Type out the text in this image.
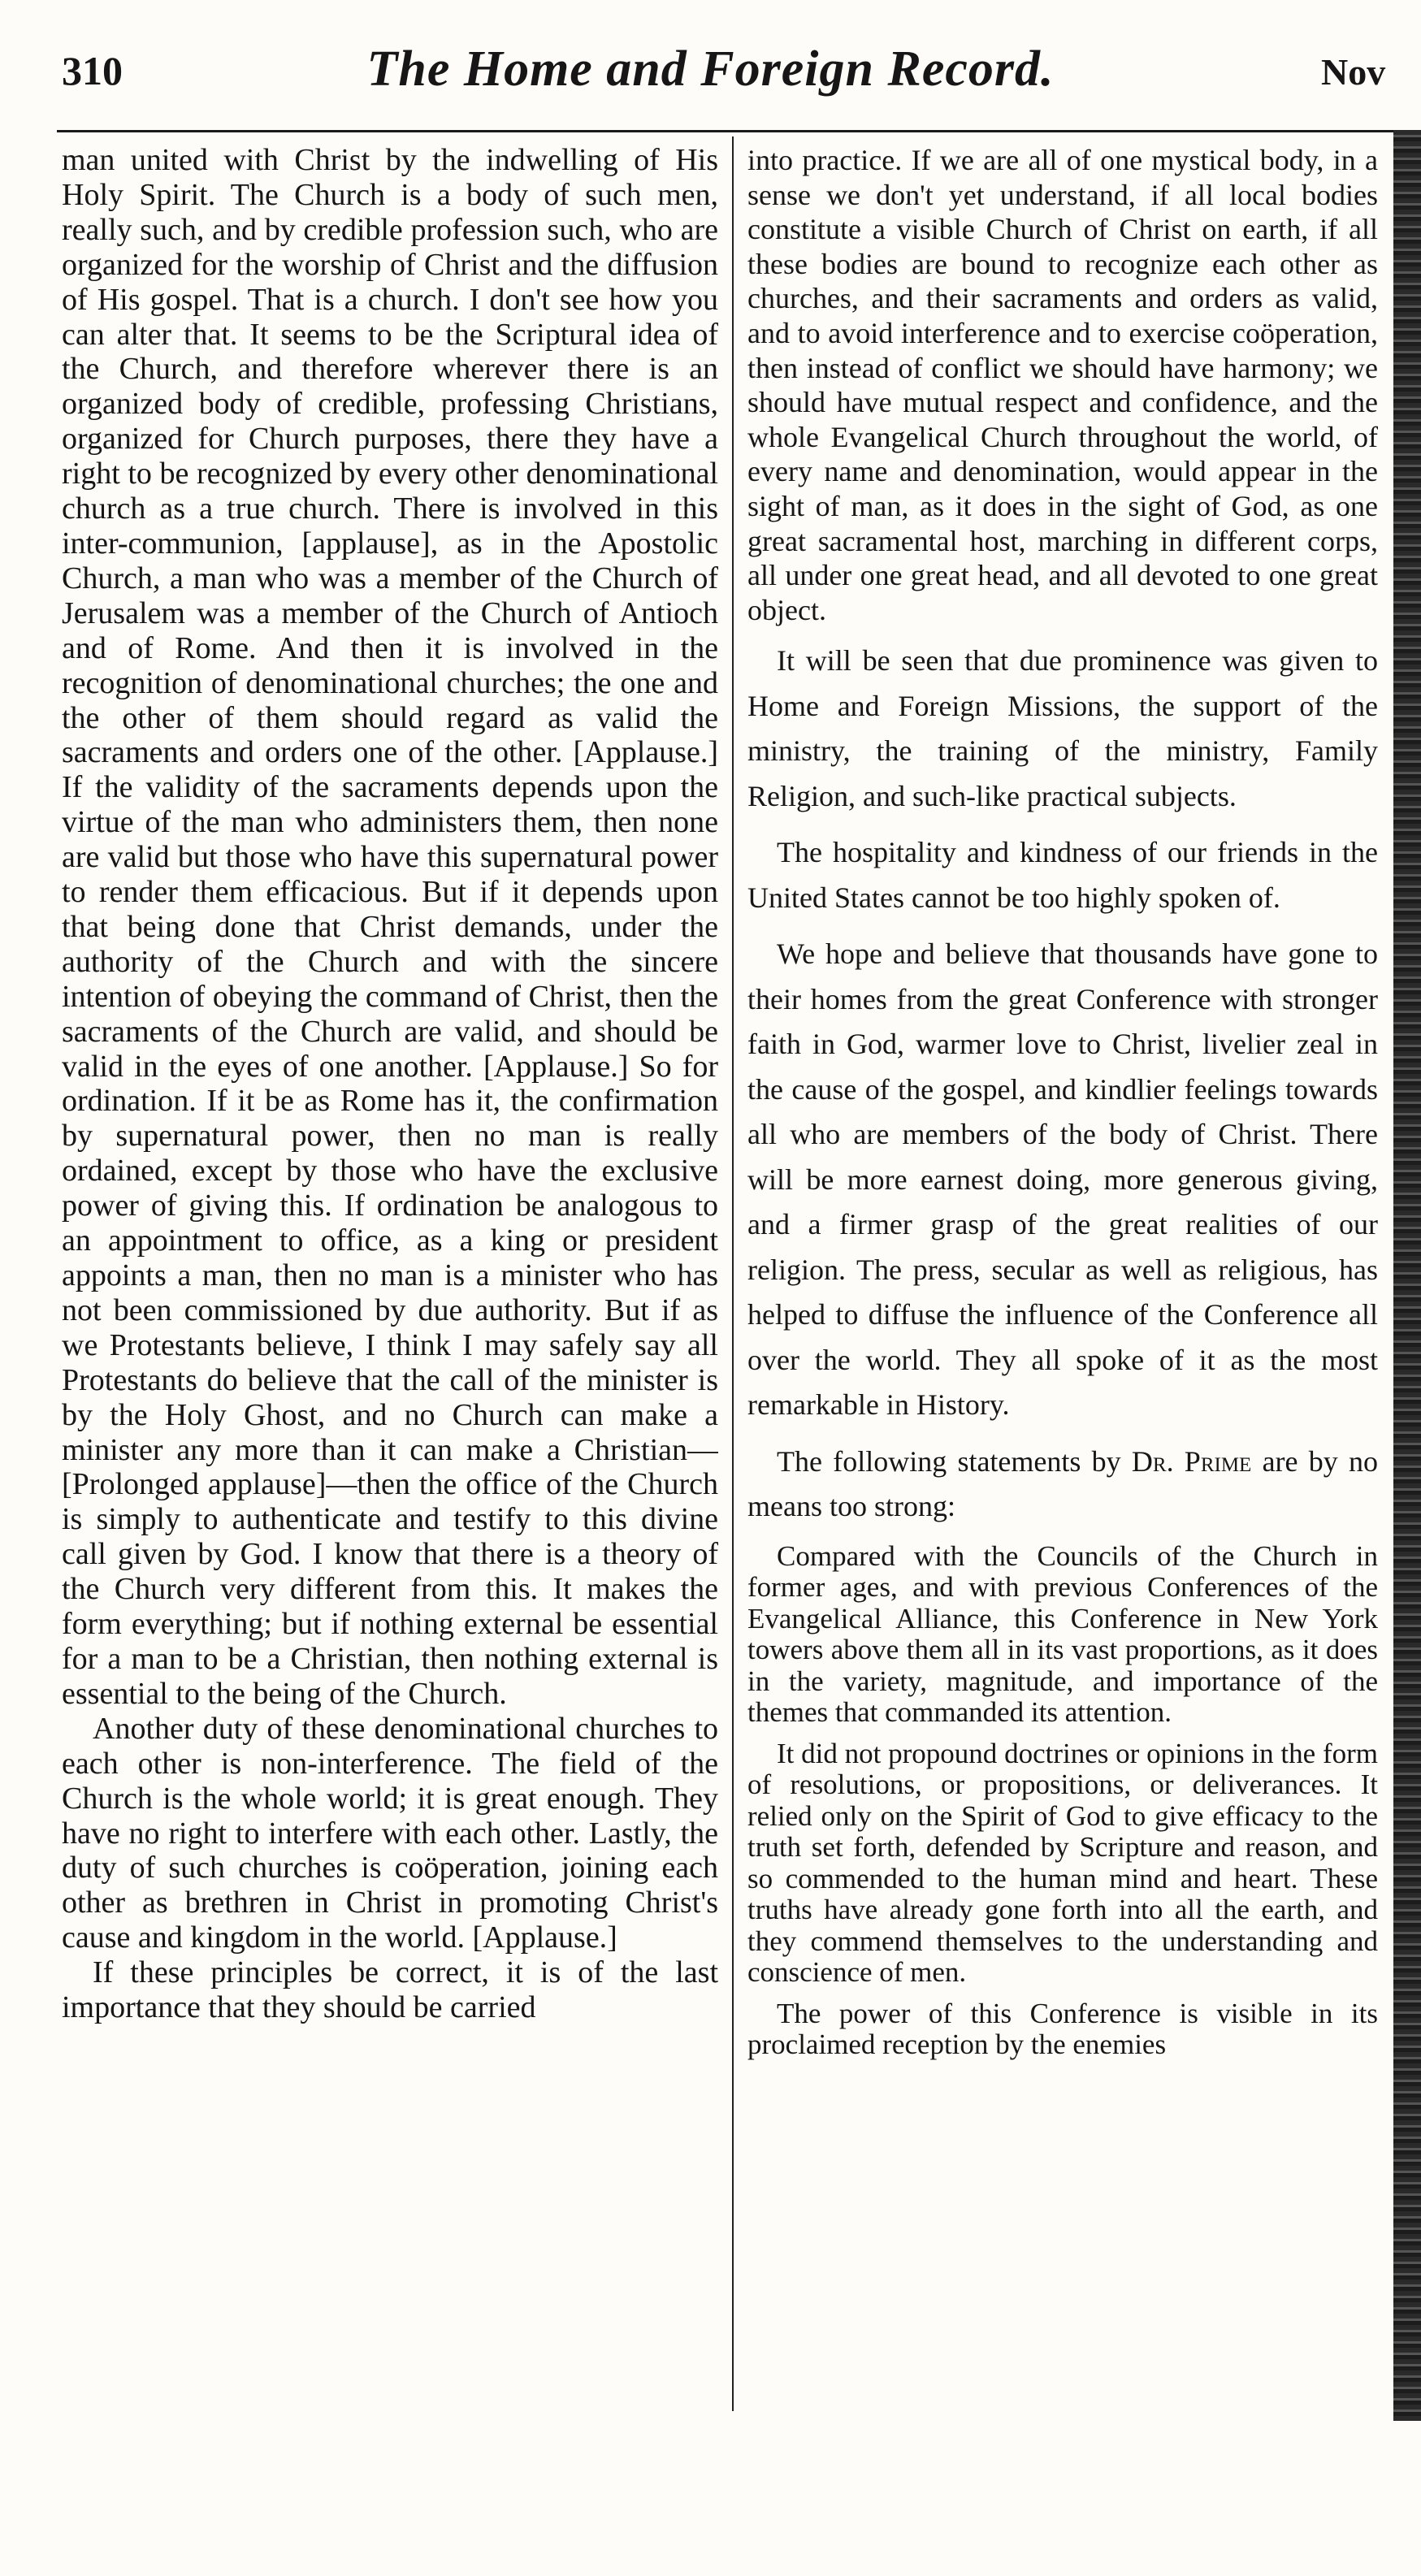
310	The Home and Foreign Record.	Nov

man united with Christ by the indwelling of His Holy Spirit. The Church is a body of such men, really such, and by credible profession such, who are organized for the worship of Christ and the diffusion of His gospel. That is a church. I don't see how you can alter that. It seems to be the Scriptural idea of the Church, and therefore wherever there is an organized body of credible, professing Christians, organized for Church purposes, there they have a right to be recognized by every other denominational church as a true church. There is involved in this inter-communion, [applause], as in the Apostolic Church, a man who was a member of the Church of Jerusalem was a member of the Church of Antioch and of Rome. And then it is involved in the recognition of denominational churches; the one and the other of them should regard as valid the sacraments and orders one of the other. [Applause.] If the validity of the sacraments depends upon the virtue of the man who administers them, then none are valid but those who have this supernatural power to render them efficacious. But if it depends upon that being done that Christ demands, under the authority of the Church and with the sincere intention of obeying the command of Christ, then the sacraments of the Church are valid, and should be valid in the eyes of one another. [Applause.] So for ordination. If it be as Rome has it, the confirmation by supernatural power, then no man is really ordained, except by those who have the exclusive power of giving this. If ordination be analogous to an appointment to office, as a king or president appoints a man, then no man is a minister who has not been commissioned by due authority. But if as we Protestants believe, I think I may safely say all Protestants do believe that the call of the minister is by the Holy Ghost, and no Church can make a minister any more than it can make a Christian—[Prolonged applause]—then the office of the Church is simply to authenticate and testify to this divine call given by God. I know that there is a theory of the Church very different from this. It makes the form everything; but if nothing external be essential for a man to be a Christian, then nothing external is essential to the being of the Church.

Another duty of these denominational churches to each other is non-interference. The field of the Church is the whole world; it is great enough. They have no right to interfere with each other. Lastly, the duty of such churches is coöperation, joining each other as brethren in Christ in promoting Christ's cause and kingdom in the world. [Applause.]

If these principles be correct, it is of the last importance that they should be carried

into practice. If we are all of one mystical body, in a sense we don't yet understand, if all local bodies constitute a visible Church of Christ on earth, if all these bodies are bound to recognize each other as churches, and their sacraments and orders as valid, and to avoid interference and to exercise coöperation, then instead of conflict we should have harmony; we should have mutual respect and confidence, and the whole Evangelical Church throughout the world, of every name and denomination, would appear in the sight of man, as it does in the sight of God, as one great sacramental host, marching in different corps, all under one great head, and all devoted to one great object.

It will be seen that due prominence was given to Home and Foreign Missions, the support of the ministry, the training of the ministry, Family Religion, and such-like practical subjects.

The hospitality and kindness of our friends in the United States cannot be too highly spoken of.

We hope and believe that thousands have gone to their homes from the great Conference with stronger faith in God, warmer love to Christ, livelier zeal in the cause of the gospel, and kindlier feelings towards all who are members of the body of Christ. There will be more earnest doing, more generous giving, and a firmer grasp of the great realities of our religion. The press, secular as well as religious, has helped to diffuse the influence of the Conference all over the world. They all spoke of it as the most remarkable in History.

The following statements by Dr. Prime are by no means too strong:

Compared with the Councils of the Church in former ages, and with previous Conferences of the Evangelical Alliance, this Conference in New York towers above them all in its vast proportions, as it does in the variety, magnitude, and importance of the themes that commanded its attention.

It did not propound doctrines or opinions in the form of resolutions, or propositions, or deliverances. It relied only on the Spirit of God to give efficacy to the truth set forth, defended by Scripture and reason, and so commended to the human mind and heart. These truths have already gone forth into all the earth, and they commend themselves to the understanding and conscience of men.

The power of this Conference is visible in its proclaimed reception by the enemies
